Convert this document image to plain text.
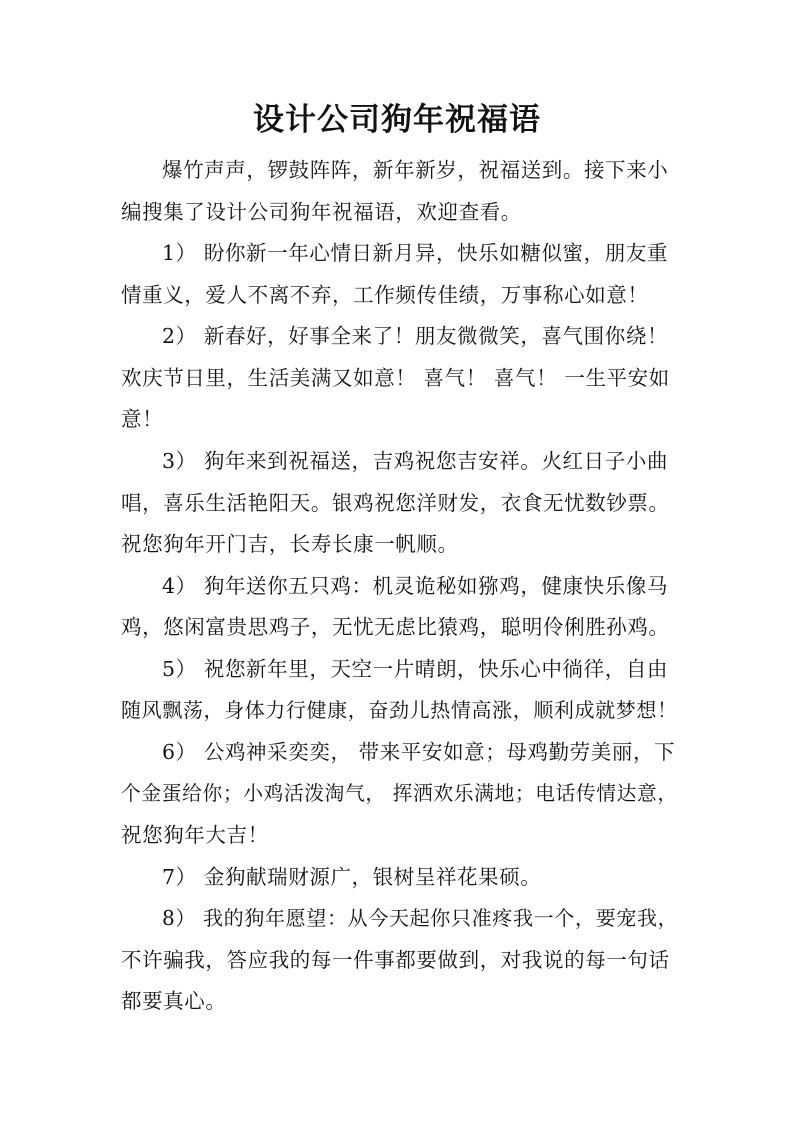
设计公司狗年祝福语
爆竹声声，锣鼓阵阵，新年新岁，祝福送到。接下来小
编搜集了设计公司狗年祝福语，欢迎查看。
1） 盼你新一年心情日新月异，快乐如糖似蜜，朋友重
情重义，爱人不离不弃，工作频传佳绩，万事称心如意！
2） 新春好，好事全来了！朋友微微笑，喜气围你绕！
欢庆节日里，生活美满又如意！ 喜气！ 喜气！ 一生平安如
意！
3） 狗年来到祝福送，吉鸡祝您吉安祥。火红日子小曲
唱，喜乐生活艳阳天。银鸡祝您洋财发，衣食无忧数钞票。
祝您狗年开门吉，长寿长康一帆顺。
4） 狗年送你五只鸡：机灵诡秘如猕鸡，健康快乐像马
鸡，悠闲富贵思鸡子，无忧无虑比猿鸡，聪明伶俐胜孙鸡。
5） 祝您新年里，天空一片晴朗，快乐心中徜徉，自由
随风飘荡，身体力行健康，奋劲儿热情高涨，顺利成就梦想！
6） 公鸡神采奕奕， 带来平安如意；母鸡勤劳美丽，下
个金蛋给你；小鸡活泼淘气， 挥洒欢乐满地；电话传情达意，
祝您狗年大吉！
7） 金狗献瑞财源广，银树呈祥花果硕。
8） 我的狗年愿望：从今天起你只准疼我一个，要宠我，
不许骗我，答应我的每一件事都要做到，对我说的每一句话
都要真心。
